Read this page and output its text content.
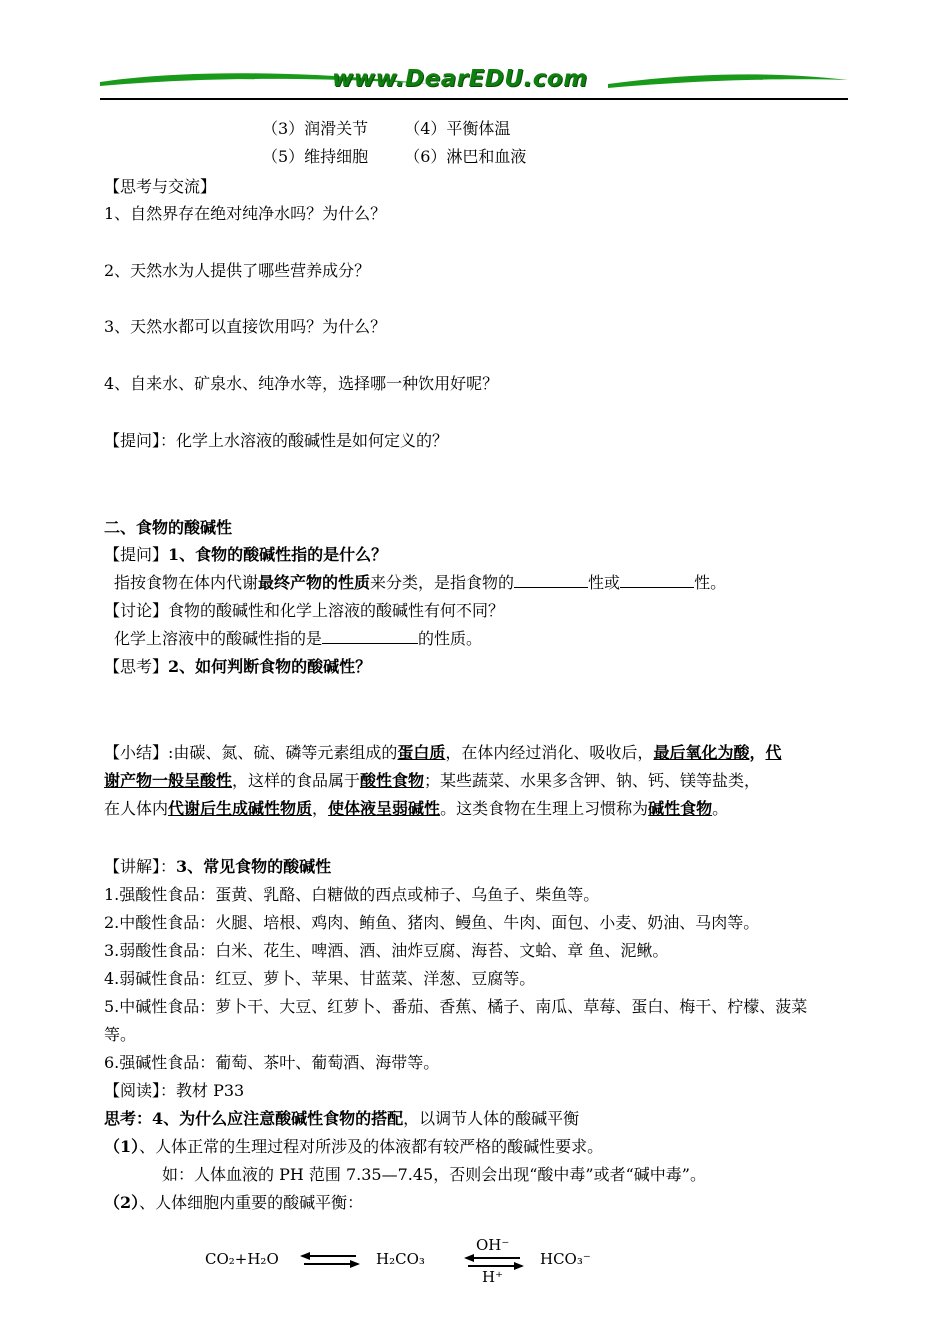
www.DearEDU.com
（3）润滑关节 （4）平衡体温
（5）维持细胞 （6）淋巴和血液
【思考与交流】
1、自然界存在绝对纯净水吗？为什么？
2、天然水为人提供了哪些营养成分？
3、天然水都可以直接饮用吗？为什么？
4、自来水、矿泉水、纯净水等，选择哪一种饮用好呢？
【提问】：化学上水溶液的酸碱性是如何定义的？
二、食物的酸碱性
【提问】1、食物的酸碱性指的是什么？
指按食物在体内代谢最终产物的性质来分类，是指食物的	性或	性。
【讨论】食物的酸碱性和化学上溶液的酸碱性有何不同？
化学上溶液中的酸碱性指的是	的性质。
【思考】2、如何判断食物的酸碱性？
【小结】:由碳、氮、硫、磷等元素组成的蛋白质，在体内经过消化、吸收后，最后氧化为酸，代
谢产物一般呈酸性，这样的食品属于酸性食物；某些蔬菜、水果多含钾、钠、钙、镁等盐类，
在人体内代谢后生成碱性物质，使体液呈弱碱性。这类食物在生理上习惯称为碱性食物。
【讲解】：3、常见食物的酸碱性
1.强酸性食品：蛋黄、乳酪、白糖做的西点或柿子、乌鱼子、柴鱼等。
2.中酸性食品：火腿、培根、鸡肉、鲔鱼、猪肉、鳗鱼、牛肉、面包、小麦、奶油、马肉等。
3.弱酸性食品：白米、花生、啤酒、酒、油炸豆腐、海苔、文蛤、章 鱼、泥鳅。
4.弱碱性食品：红豆、萝卜、苹果、甘蓝菜、洋葱、豆腐等。
5.中碱性食品：萝卜干、大豆、红萝卜、番茄、香蕉、橘子、南瓜、草莓、蛋白、梅干、柠檬、菠菜
等。
6.强碱性食品：葡萄、茶叶、葡萄酒、海带等。
【阅读】：教材 P33
思考：4、为什么应注意酸碱性食物的搭配，以调节人体的酸碱平衡
（1）、人体正常的生理过程对所涉及的体液都有较严格的酸碱性要求。
如：人体血液的 PH 范围 7.35—7.45，否则会出现“酸中毒”或者“碱中毒”。
（2）、人体细胞内重要的酸碱平衡：
CO₂+H₂O ⇌ H₂CO₃
OH⁻
H⁺
HCO₃⁻
